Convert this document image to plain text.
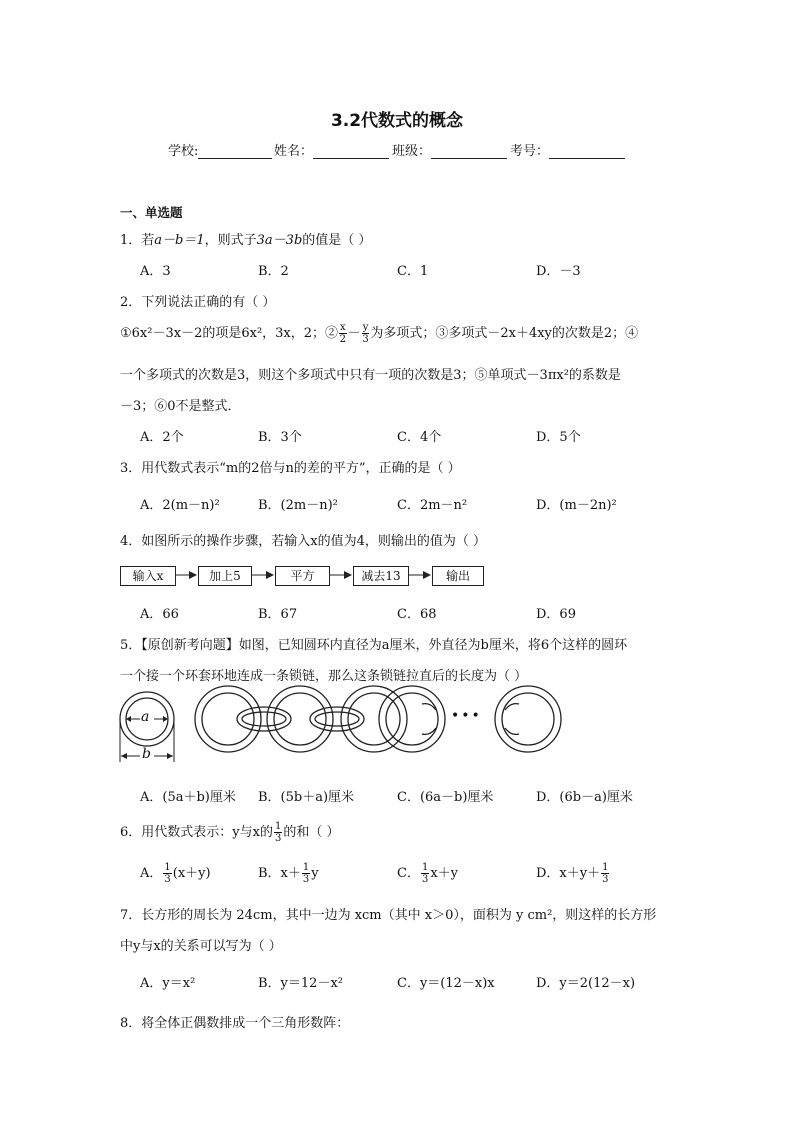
3.2代数式的概念
学校:	姓名：	班级：	考号：
一、单选题
1．若a－b＝1，则式子3a－3b的值是（ ）
A．3	B．2	C．1	D．－3
2．下列说法正确的有（ ）
①6x²－3x－2的项是6x²，3x，2；② $\frac{x}{2} - \frac{y}{3}$ 为多项式；③多项式－2x＋4xy的次数是2；④
一个多项式的次数是3，则这个多项式中只有一项的次数是3；⑤单项式－3πx²的系数是
－3；⑥0不是整式．
A．2个	B．3个	C．4个	D．5个
3．用代数式表示“m的2倍与n的差的平方”，正确的是（ ）
A．2(m－n)²	B．(2m－n)²	C．2m－n²	D．(m－2n)²
4．如图所示的操作步骤，若输入x的值为4，则输出的值为（ ）
输入x	加上5	平方	减去13	输出
A．66	B．67	C．68	D．69
5．【原创新考向题】如图，已知圆环内直径为a厘米，外直径为b厘米，将6个这样的圆环
一个接一个环套环地连成一条锁链，那么这条锁链拉直后的长度为（ ）
a
b
•••
A．(5a＋b)厘米 B．(5b＋a)厘米	C．(6a－b)厘米	D．(6b－a)厘米
6．用代数式表示：y与x的 $\frac{1}{3}$ 的和（ ）
A． $\frac{1}{3} (x+y)$	B．$x+ \frac{1}{3}$ y	C． $\frac{1}{3} x+y$	D．$x+y+ \frac{1}{3}$
7．长方形的周长为 24cm，其中一边为 xcm（其中 x＞0），面积为 y cm²，则这样的长方形
中y与x的关系可以写为（ ）
A．y＝x²	B．y＝12－x²	C．y＝(12－x)x	D．y＝2(12－x)
8．将全体正偶数排成一个三角形数阵：
